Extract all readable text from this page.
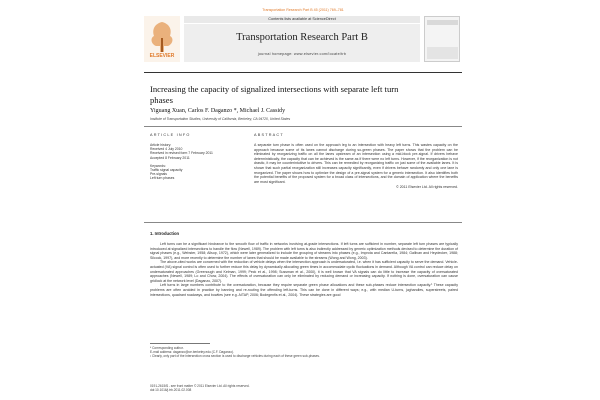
Transportation Research Part B 45 (2011) 769–781
ELSEVIER
Contents lists available at ScienceDirect
Transportation Research Part B
journal homepage: www.elsevier.com/locate/trb
Increasing the capacity of signalized intersections with separate left turn phases
Yiguang Xuan, Carlos F. Daganzo *, Michael J. Cassidy
Institute of Transportation Studies, University of California, Berkeley, CA 94720, United States
ARTICLE INFO	ABSTRACT
Article history:
Received 4 July 2010
Received in revised form 7 February 2011
Accepted 8 February 2011
Keywords:
Traffic signal capacity
Pre-signals
Left turn phases
A separate turn phase is often used on the approach leg to an intersection with heavy left turns. This wastes capacity on the approach because some of its lanes cannot discharge during so-green phases. The paper shows that the problem can be eliminated by reorganizing traffic on all the lanes upstream of an intersection using a mid-block pre-signal. If drivers behave deterministically, the capacity that can be achieved is the same as if there were no left turns. However, if the reorganization is not drastic, it may be counterintuitive to drivers. This can be remedied by reorganizing traffic on just some of the available lanes. It is shown that such partial reorganization still increases capacity significantly, even if drivers behave randomly and only one lane is reorganized. The paper shows how to optimize the design of a pre-signal system for a generic intersection. It also identifies both the potential benefits of the proposed system for a broad class of intersections, and the domain of application where the benefits are most significant.
© 2011 Elsevier Ltd. All rights reserved.
1. Introduction

Left turns can be a significant hindrance to the smooth flow of traffic in networks involving at-grade intersections. If left turns are sufficient in number, separate left turn phases are typically introduced at signalized intersections to handle the flow (Newell, 1989). The problem with left turns is also indirectly addressed by generic optimization methods devised to determine the duration of signal phases (e.g., Webster, 1958; Allsop, 1972), which were later generalized to include the grouping of streams into phases (e.g., Improta and Cantarella, 1984; Gallivan and Heydecker, 1988; Silcock, 1997), and more recently to determine the number of lanes that should be made available to the streams (Wong and Wong, 2003).

The above-cited works are concerned with the reduction of vehicle delays when the intersection approach is undersaturated, i.e. when it has sufficient capacity to serve the demand. Vehicle-actuated (VA) signal control is often used to further reduce this delay by dynamically allocating green times in accommodate cyclic fluctuations in demand. Although VA control can reduce delay on undersaturated approaches (Greenough and Kelman, 1999; Peck et al., 1998; Sussman et al., 2000), it is well known that VA signals can do little to increase the capacity of oversaturated approaches (Newell, 1989; Lo and Chow, 2004). The effects of oversaturation can only be eliminated by reducing demand or increasing capacity. If nothing is done, oversaturation can cause gridlock at the network level (Daganzo, 2007).

Left turns in large numbers contribute to the oversaturation, because they require separate green phase allocations and these sub-phases reduce intersection capacity.¹ These capacity problems are often avoided in practice by banning and re-routing the offending left-turns. This can be done in different ways; e.g., with median U-turns, jughandles, superstreets, paired intersections, quadrant roadways, and bowties (see e.g. AITAP, 2006; Bodegenfis et al., 2004). These strategies are good

* Corresponding author.
E-mail address: daganzo@ce.berkeley.edu (C.F. Daganzo).
¹ Clearly, only part of the intersection cross section is used to discharge vehicles during each of these green sub-phases.
0191-2615/$ - see front matter © 2011 Elsevier Ltd. All rights reserved.
doi:10.1016/j.trb.2011.02.008
